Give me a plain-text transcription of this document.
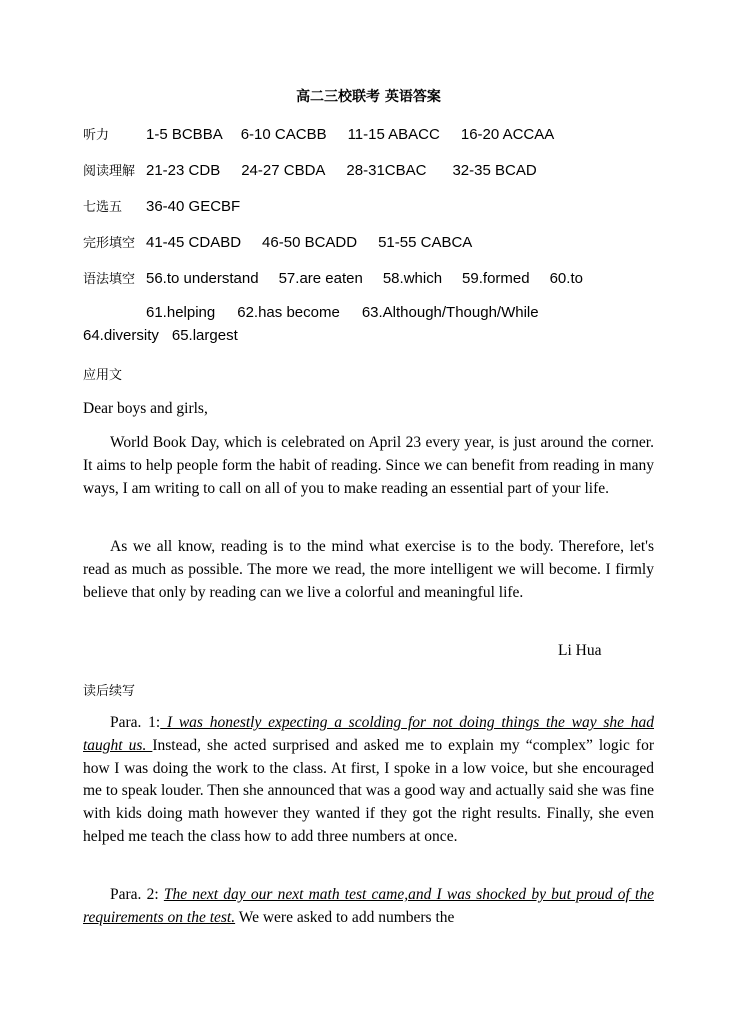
高二三校联考 英语答案
听力 1-5 BCBBA 6-10 CACBB 11-15 ABACC 16-20 ACCAA
阅读理解 21-23 CDB 24-27 CBDA 28-31CBAC 32-35 BCAD
七选五 36-40 GECBF
完形填空 41-45 CDABD 46-50 BCADD 51-55 CABCA
语法填空 56.to understand 57.are eaten 58.which 59.formed 60.to
61.helping 62.has become 63.Although/Though/While
64.diversity 65.largest
应用文
Dear boys and girls,
World Book Day, which is celebrated on April 23 every year, is just around the corner. It aims to help people form the habit of reading. Since we can benefit from reading in many ways, I am writing to call on all of you to make reading an essential part of your life.
As we all know, reading is to the mind what exercise is to the body. Therefore, let's read as much as possible. The more we read, the more intelligent we will become. I firmly believe that only by reading can we live a colorful and meaningful life.
Li Hua
读后续写
Para. 1: I was honestly expecting a scolding for not doing things the way she had taught us. Instead, she acted surprised and asked me to explain my “complex” logic for how I was doing the work to the class. At first, I spoke in a low voice, but she encouraged me to speak louder. Then she announced that was a good way and actually said she was fine with kids doing math however they wanted if they got the right results. Finally, she even helped me teach the class how to add three numbers at once.
Para. 2: The next day our next math test came,and I was shocked by but proud of the requirements on the test. We were asked to add numbers the
